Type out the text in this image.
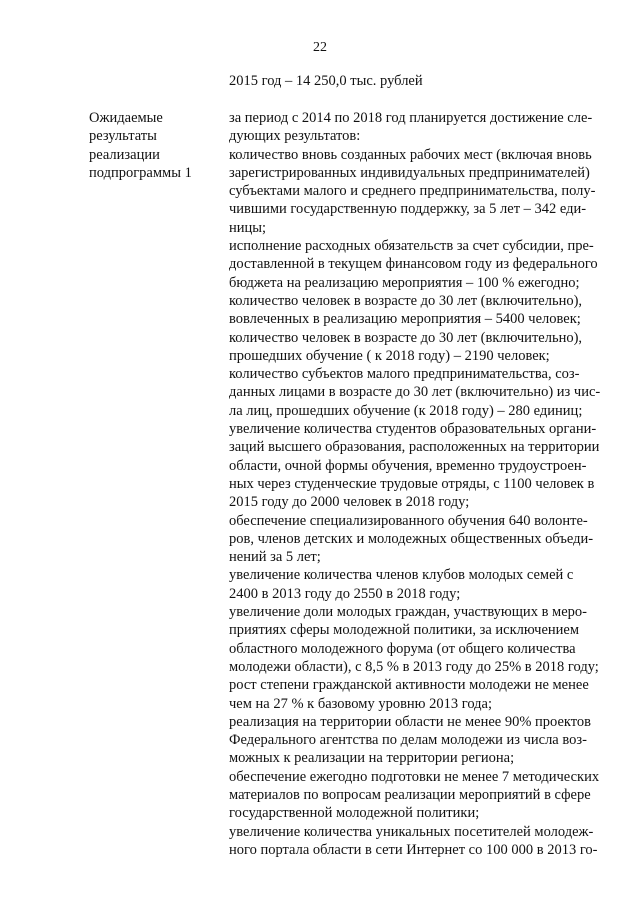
22
2015 год – 14 250,0 тыс. рублей
Ожидаемые
результаты
реализации
подпрограммы 1
за период с 2014 по 2018 год планируется достижение сле-
дующих результатов:
количество вновь созданных рабочих мест (включая вновь
зарегистрированных индивидуальных предпринимателей)
субъектами малого и среднего предпринимательства, полу-
чившими государственную поддержку, за 5 лет – 342 еди-
ницы;
исполнение расходных обязательств за счет субсидии, пре-
доставленной в текущем финансовом году из федерального
бюджета на реализацию мероприятия – 100 % ежегодно;
количество человек в возрасте до 30 лет (включительно),
вовлеченных в реализацию мероприятия – 5400 человек;
количество человек в возрасте до 30 лет (включительно),
прошедших обучение ( к 2018 году) – 2190 человек;
количество субъектов малого предпринимательства, соз-
данных лицами в возрасте до 30 лет (включительно) из чис-
ла лиц, прошедших обучение (к 2018 году) – 280 единиц;
увеличение количества студентов образовательных органи-
заций высшего образования, расположенных на территории
области, очной формы обучения, временно трудоустроен-
ных через студенческие трудовые отряды, с 1100 человек в
2015 году до 2000 человек в 2018 году;
обеспечение специализированного обучения 640 волонте-
ров, членов детских и молодежных общественных объеди-
нений за 5 лет;
увеличение количества членов клубов молодых семей с
2400 в 2013 году до 2550 в 2018 году;
увеличение доли молодых граждан, участвующих в меро-
приятиях сферы молодежной политики, за исключением
областного молодежного форума (от общего количества
молодежи области), с 8,5 % в 2013 году до 25% в 2018 году;
рост степени гражданской активности молодежи не менее
чем на 27 % к базовому уровню 2013 года;
реализация на территории области не менее 90% проектов
Федерального агентства по делам молодежи из числа воз-
можных к реализации на территории региона;
обеспечение ежегодно подготовки не менее 7 методических
материалов по вопросам реализации мероприятий в сфере
государственной молодежной политики;
увеличение количества уникальных посетителей молодеж-
ного портала области в сети Интернет со 100 000 в 2013 го-
